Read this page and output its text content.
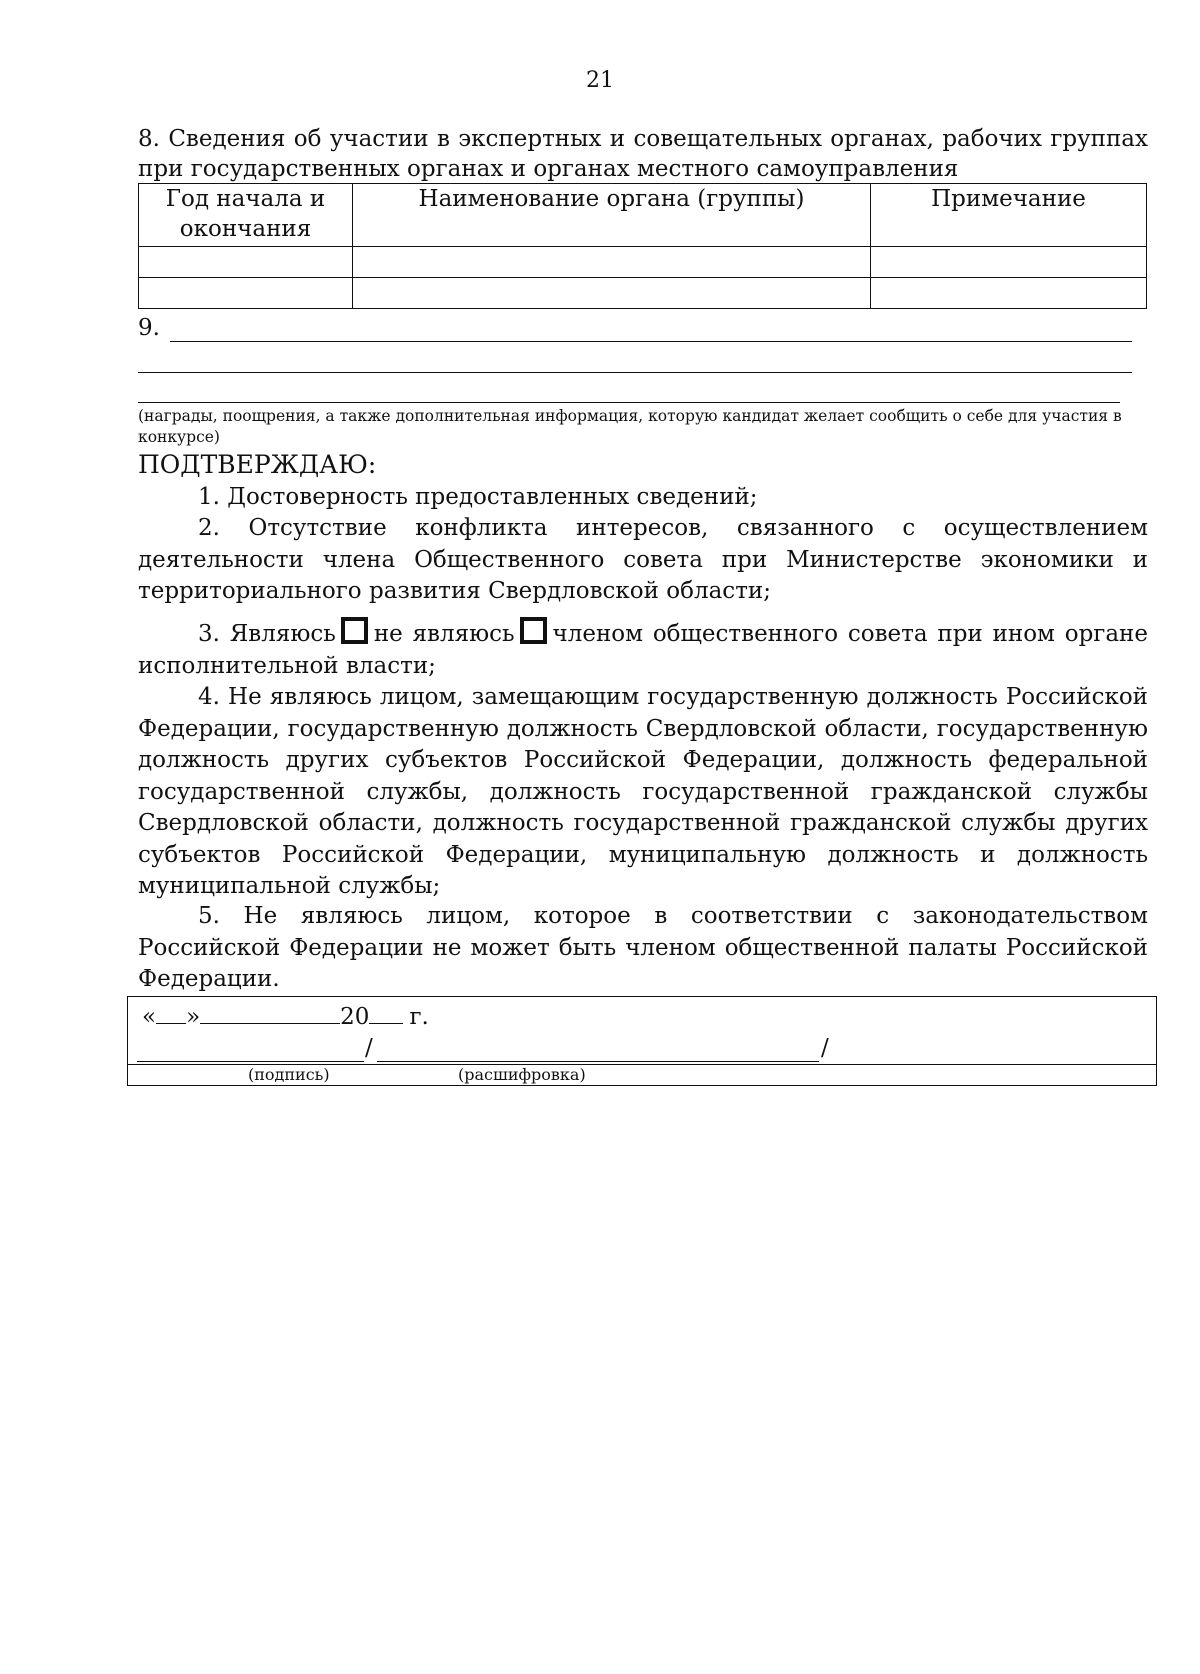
21
8. Сведения об участии в экспертных и совещательных органах, рабочих группах при государственных органах и органах местного самоуправления
Год начала и окончания	Наименование органа (группы)	Примечание

9.
(награды, поощрения, а также дополнительная информация, которую кандидат желает сообщить о себе для участия в конкурсе)
ПОДТВЕРЖДАЮ:
1. Достоверность предоставленных сведений;
2. Отсутствие конфликта интересов, связанного с осуществлением деятельности члена Общественного совета при Министерстве экономики и территориального развития Свердловской области;
3. Являюсь не являюсь членом общественного совета при ином органе исполнительной власти;
4. Не являюсь лицом, замещающим государственную должность Российской Федерации, государственную должность Свердловской области, государственную должность других субъектов Российской Федерации, должность федеральной государственной службы, должность государственной гражданской службы Свердловской области, должность государственной гражданской службы других субъектов Российской Федерации, муниципальную должность и должность муниципальной службы;
5. Не являюсь лицом, которое в соответствии с законодательством Российской Федерации не может быть членом общественной палаты Российской Федерации.
« »	20 г.
/	/
(подпись)	(расшифровка)
